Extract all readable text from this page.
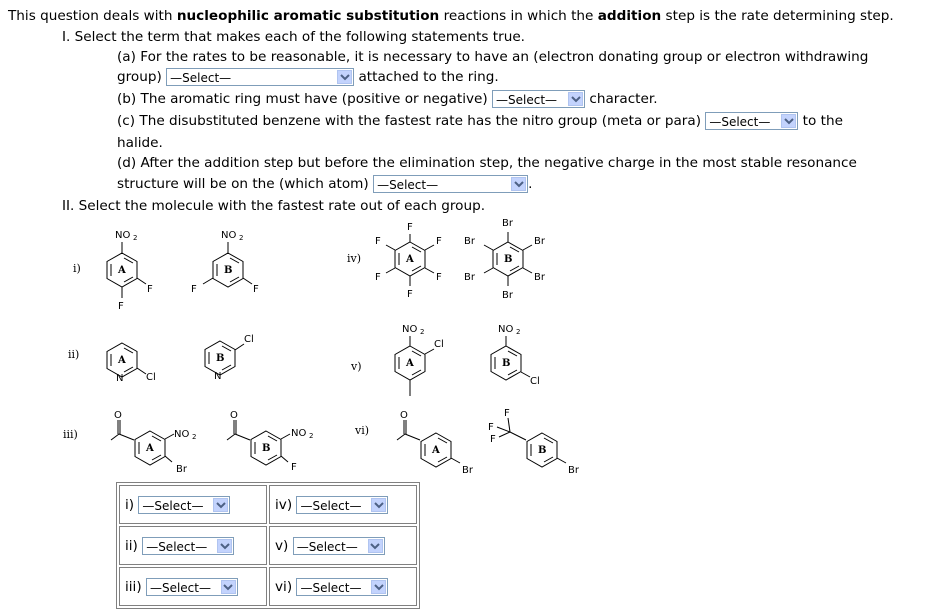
This question deals with nucleophilic aromatic substitution reactions in which the addition step is the rate determining step.
I. Select the term that makes each of the following statements true.
(a) For the rates to be reasonable, it is necessary to have an (electron donating group or electron withdrawing
group) —Select—	attached to the ring.
(b) The aromatic ring must have (positive or negative) —Select— character.
(c) The disubstituted benzene with the fastest rate has the nitro group (meta or para) —Select— to the
halide.
(d) After the addition step but before the elimination step, the negative charge in the most stable resonance
structure will be on the (which atom) —Select—	.
II. Select the molecule with the fastest rate out of each group.
i)
ii)
iii)
iv)
v)
vi)
NO 2
A
F
F
NO 2
B
F	F
A
N Cl
B
N
Cl
O
A
NO 2
Br
O
B
NO 2
F
A
F
F	F
F	F
F
B
Br
Br	Br
Br	Br
Br
NO 2
A
Cl
NO 2
B
Cl
O
A
Br
F
F
F
B
Br
i) —Select—	iv) —Select—

ii) —Select—	v) —Select—

iii) —Select—	vi) —Select—
